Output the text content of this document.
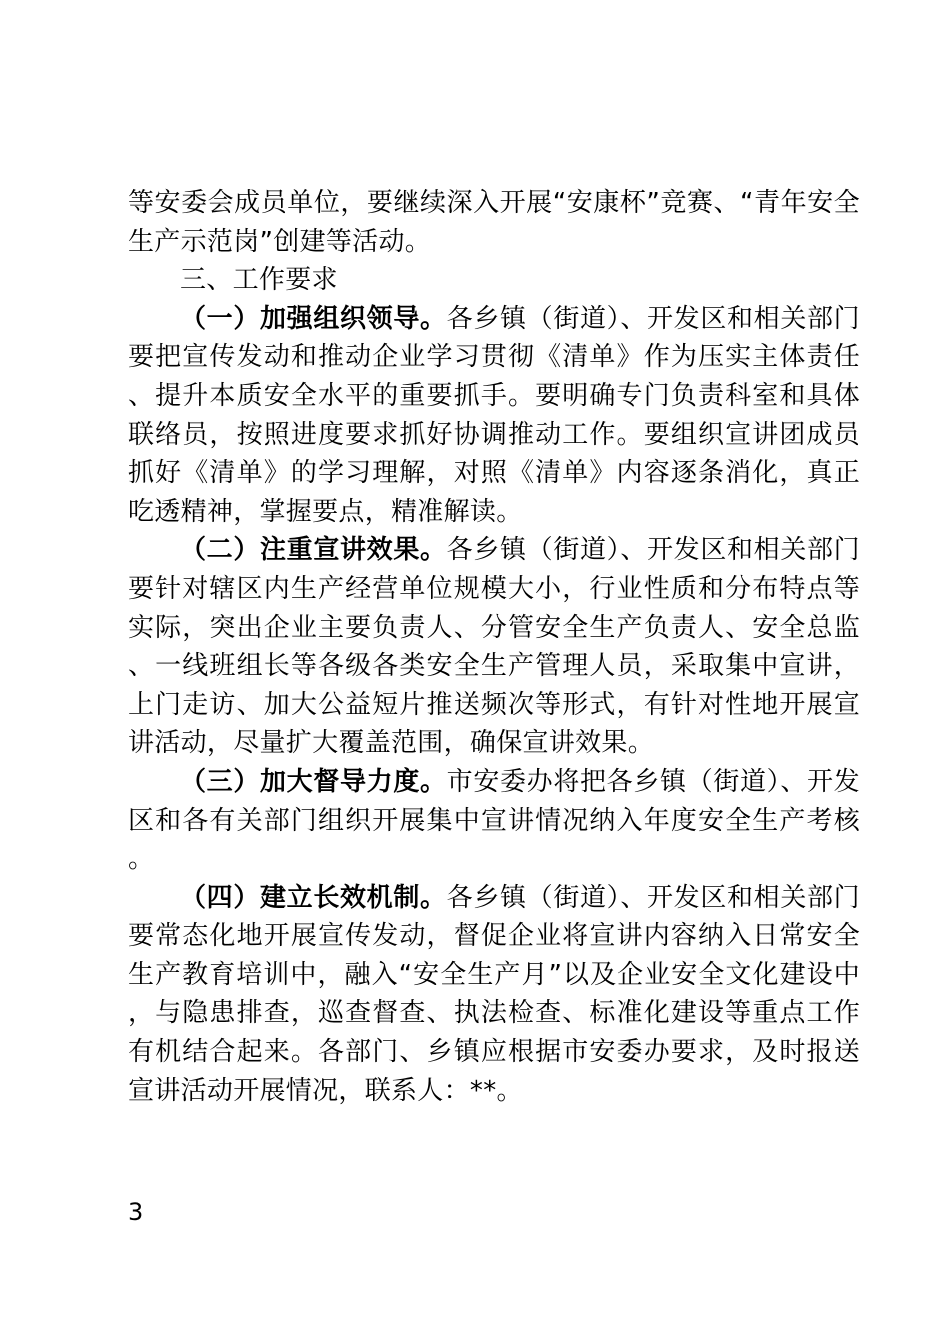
等安委会成员单位，要继续深入开展“安康杯”竞赛、“青年安全生产示范岗”创建等活动。

三、工作要求

（一）加强组织领导。各乡镇（街道）、开发区和相关部门要把宣传发动和推动企业学习贯彻《清单》作为压实主体责任、提升本质安全水平的重要抓手。要明确专门负责科室和具体联络员，按照进度要求抓好协调推动工作。要组织宣讲团成员抓好《清单》的学习理解，对照《清单》内容逐条消化，真正吃透精神，掌握要点，精准解读。

（二）注重宣讲效果。各乡镇（街道）、开发区和相关部门要针对辖区内生产经营单位规模大小，行业性质和分布特点等实际，突出企业主要负责人、分管安全生产负责人、安全总监、一线班组长等各级各类安全生产管理人员，采取集中宣讲，上门走访、加大公益短片推送频次等形式，有针对性地开展宣讲活动，尽量扩大覆盖范围，确保宣讲效果。

（三）加大督导力度。市安委办将把各乡镇（街道）、开发区和各有关部门组织开展集中宣讲情况纳入年度安全生产考核。

（四）建立长效机制。各乡镇（街道）、开发区和相关部门要常态化地开展宣传发动，督促企业将宣讲内容纳入日常安全生产教育培训中，融入“安全生产月”以及企业安全文化建设中，与隐患排查，巡查督查、执法检查、标准化建设等重点工作有机结合起来。各部门、乡镇应根据市安委办要求，及时报送宣讲活动开展情况，联系人：**。

3
